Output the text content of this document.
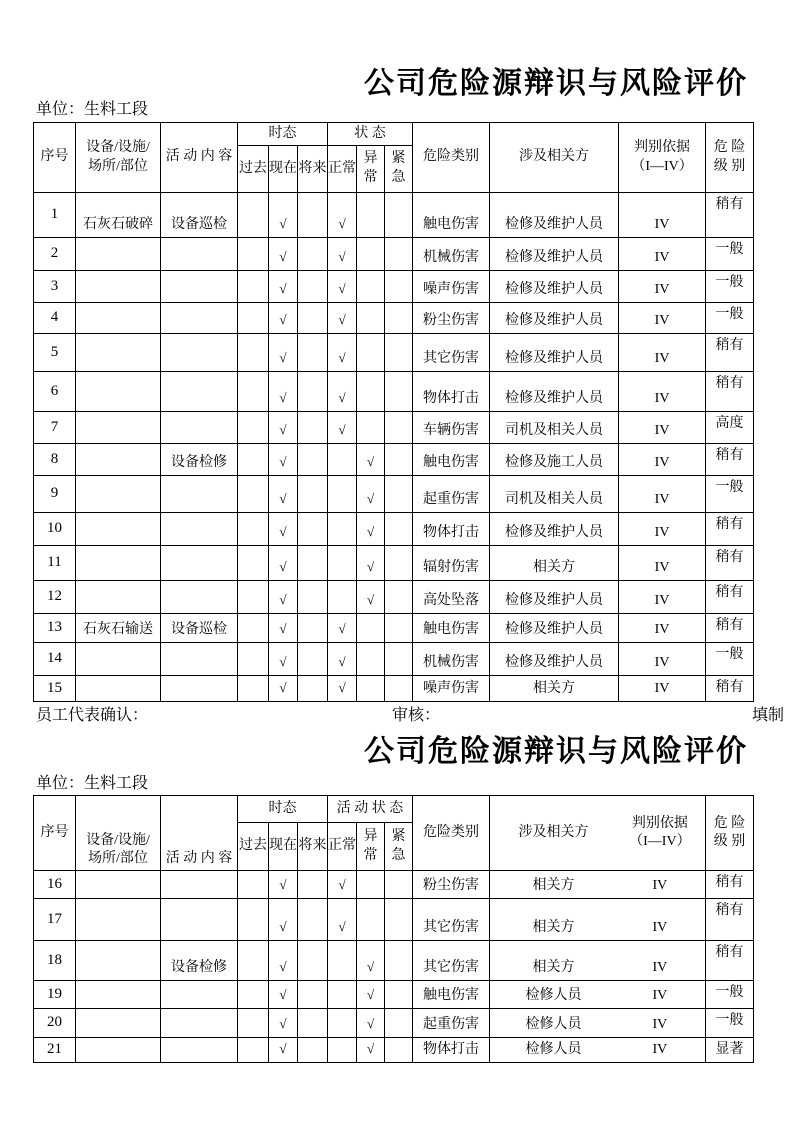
公司危险源辩识与风险评价
单位：生料工段
序号	设备/设施/
场所/部位	活 动 内 容	时态			状 态			危险类别	涉及相关方	判别依据
（I—IV）	危 险
级 别

			过去	现在	将来	正常	异常	紧急				
1	石灰石破碎	设备巡检		√		√			触电伤害	检修及维护人员	IV	稍有
2				√		√			机械伤害	检修及维护人员	IV	一般
3				√		√			噪声伤害	检修及维护人员	IV	一般
4				√		√			粉尘伤害	检修及维护人员	IV	一般
5				√		√			其它伤害	检修及维护人员	IV	稍有
6				√		√			物体打击	检修及维护人员	IV	稍有
7				√		√			车辆伤害	司机及相关人员	IV	高度
8		设备检修		√			√		触电伤害	检修及施工人员	IV	稍有
9				√			√		起重伤害	司机及相关人员	IV	一般
10				√			√		物体打击	检修及维护人员	IV	稍有
11				√			√		辐射伤害	相关方	IV	稍有
12				√			√		高处坠落	检修及维护人员	IV	稍有
13	石灰石输送	设备巡检		√		√			触电伤害	检修及维护人员	IV	稍有
14				√		√			机械伤害	检修及维护人员	IV	一般
15				√		√			噪声伤害	相关方	IV	稍有
员工代表确认：	审核：	填制
公司危险源辩识与风险评价
单位：生料工段
序号	设备/设施/
场所/部位	活 动 内 容	时态			活 动 状 态			危险类别	涉及相关方
判别依据
（I—IV）	危 险
级 别

			过去	现在	将来	正常	异常	紧急			
16				√		√			粉尘伤害	相关方 IV	稍有
17				√		√			其它伤害	相关方 IV	稍有
18		设备检修		√			√		其它伤害	相关方 IV	稍有
19				√			√		触电伤害	检修人员 IV	一般
20				√			√		起重伤害	检修人员 IV	一般
21				√			√		物体打击	检修人员 IV	显著
